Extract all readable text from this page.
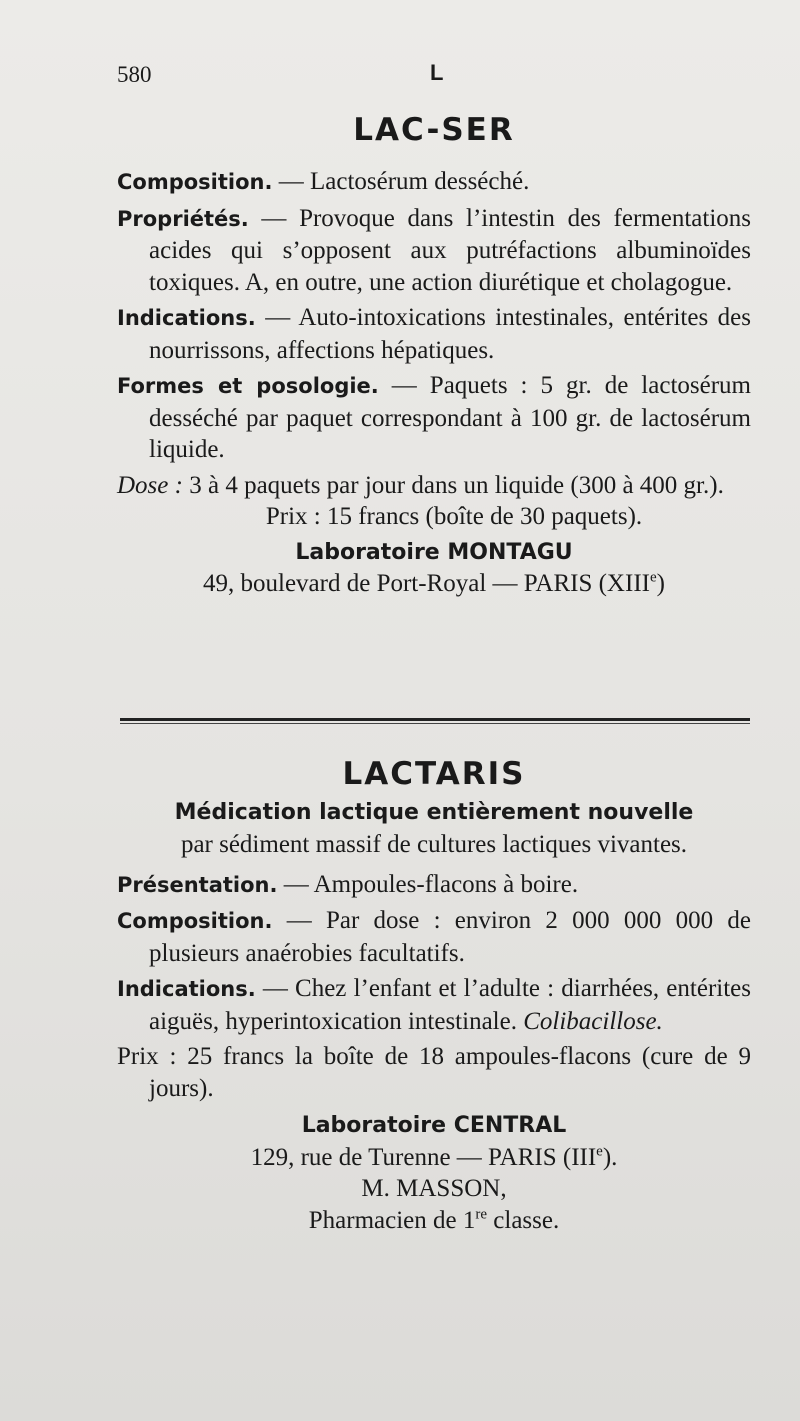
580	L
LAC-SER

Composition. — Lactosérum desséché.

Propriétés. — Provoque dans l’intestin des fermentations acides qui s’opposent aux putréfactions albuminoïdes toxiques. A, en outre, une action diurétique et cholagogue.

Indications. — Auto-intoxications intestinales, entérites des nourrissons, affections hépatiques.

Formes et posologie. — Paquets : 5 gr. de lactosérum desséché par paquet correspondant à 100 gr. de lactosérum liquide.

Dose : 3 à 4 paquets par jour dans un liquide (300 à 400 gr.).

Prix : 15 francs (boîte de 30 paquets).

Laboratoire MONTAGU

49, boulevard de Port-Royal — PARIS (XIIIe)

LACTARIS

Médication lactique entièrement nouvelle

par sédiment massif de cultures lactiques vivantes.

Présentation. — Ampoules-flacons à boire.

Composition. — Par dose : environ 2 000 000 000 de plusieurs anaérobies facultatifs.

Indications. — Chez l’enfant et l’adulte : diarrhées, entérites aiguës, hyperintoxication intestinale. Colibacillose.

Prix : 25 francs la boîte de 18 ampoules-flacons (cure de 9 jours).

Laboratoire CENTRAL

129, rue de Turenne — PARIS (IIIe).

M. MASSON,

Pharmacien de 1re classe.
